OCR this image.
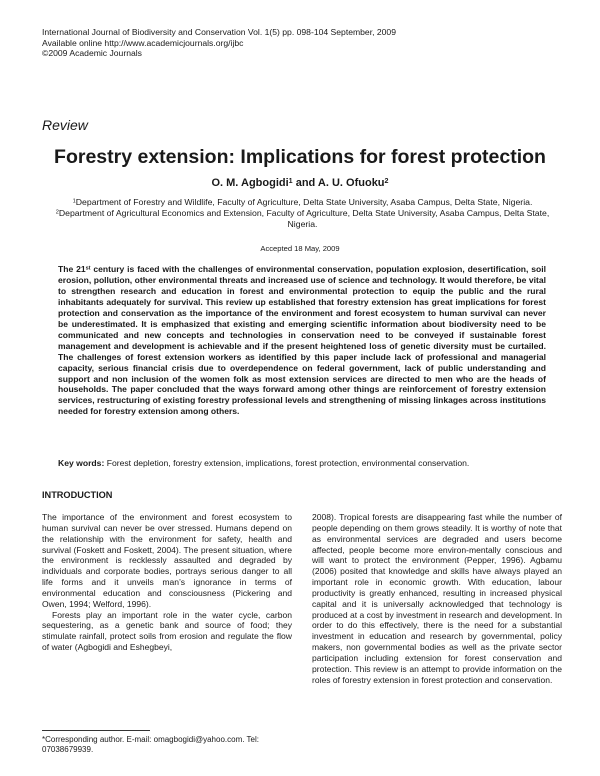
International Journal of Biodiversity and Conservation Vol. 1(5) pp. 098-104 September, 2009
Available online http://www.academicjournals.org/ijbc
©2009 Academic Journals
Review
Forestry extension: Implications for forest protection
O. M. Agbogidi$^1$ and A. U. Ofuoku$^2$
$^1$Department of Forestry and Wildlife, Faculty of Agriculture, Delta State University, Asaba Campus, Delta State, Nigeria.
$^2$Department of Agricultural Economics and Extension, Faculty of Agriculture, Delta State University, Asaba Campus, Delta State, Nigeria.
Accepted 18 May, 2009

The 21st century is faced with the challenges of environmental conservation, population explosion, desertification, soil erosion, pollution, other environmental threats and increased use of science and technology. It would therefore, be vital to strengthen research and education in forest and environmental protection to equip the public and the rural inhabitants adequately for survival. This review up established that forestry extension has great implications for forest protection and conservation as the importance of the environment and forest ecosystem to human survival can never be underestimated. It is emphasized that existing and emerging scientific information about biodiversity need to be communicated and new concepts and technologies in conservation need to be conveyed if sustainable forest management and development is achievable and if the present heightened loss of genetic diversity must be curtailed. The challenges of forest extension workers as identified by this paper include lack of professional and managerial capacity, serious financial crisis due to overdependence on federal government, lack of public understanding and support and non inclusion of the women folk as most extension services are directed to men who are the heads of households. The paper concluded that the ways forward among other things are reinforcement of forestry extension services, restructuring of existing forestry professional levels and strengthening of missing linkages across institutions needed for forestry extension among others.

Key words: Forest depletion, forestry extension, implications, forest protection, environmental conservation.
INTRODUCTION

The importance of the environment and forest ecosystem to human survival can never be over stressed. Humans depend on the relationship with the environment for safety, health and survival (Foskett and Foskett, 2004). The present situation, where the environment is recklessly assaulted and degraded by individuals and corporate bodies, portrays serious danger to all life forms and it unveils man’s ignorance in terms of environmental education and consciousness (Pickering and Owen, 1994; Welford, 1996).

Forests play an important role in the water cycle, carbon sequestering, as a genetic bank and source of food; they stimulate rainfall, protect soils from erosion and regulate the flow of water (Agbogidi and Eshegbeyi,

2008). Tropical forests are disappearing fast while the number of people depending on them grows steadily. It is worthy of note that as environmental services are degraded and users become affected, people become more environ-mentally conscious and will want to protect the environment (Pepper, 1996). Agbamu (2006) posited that knowledge and skills have always played an important role in economic growth. With education, labour productivity is greatly enhanced, resulting in increased physical capital and it is universally acknowledged that technology is produced at a cost by investment in research and development. In order to do this effectively, there is the need for a substantial investment in education and research by governmental, policy makers, non governmental bodies as well as the private sector participation including extension for forest conservation and protection. This review is an attempt to provide information on the roles of forestry extension in forest protection and conservation.

*Corresponding author. E-mail: omagbogidi@yahoo.com. Tel: 07038679939.
